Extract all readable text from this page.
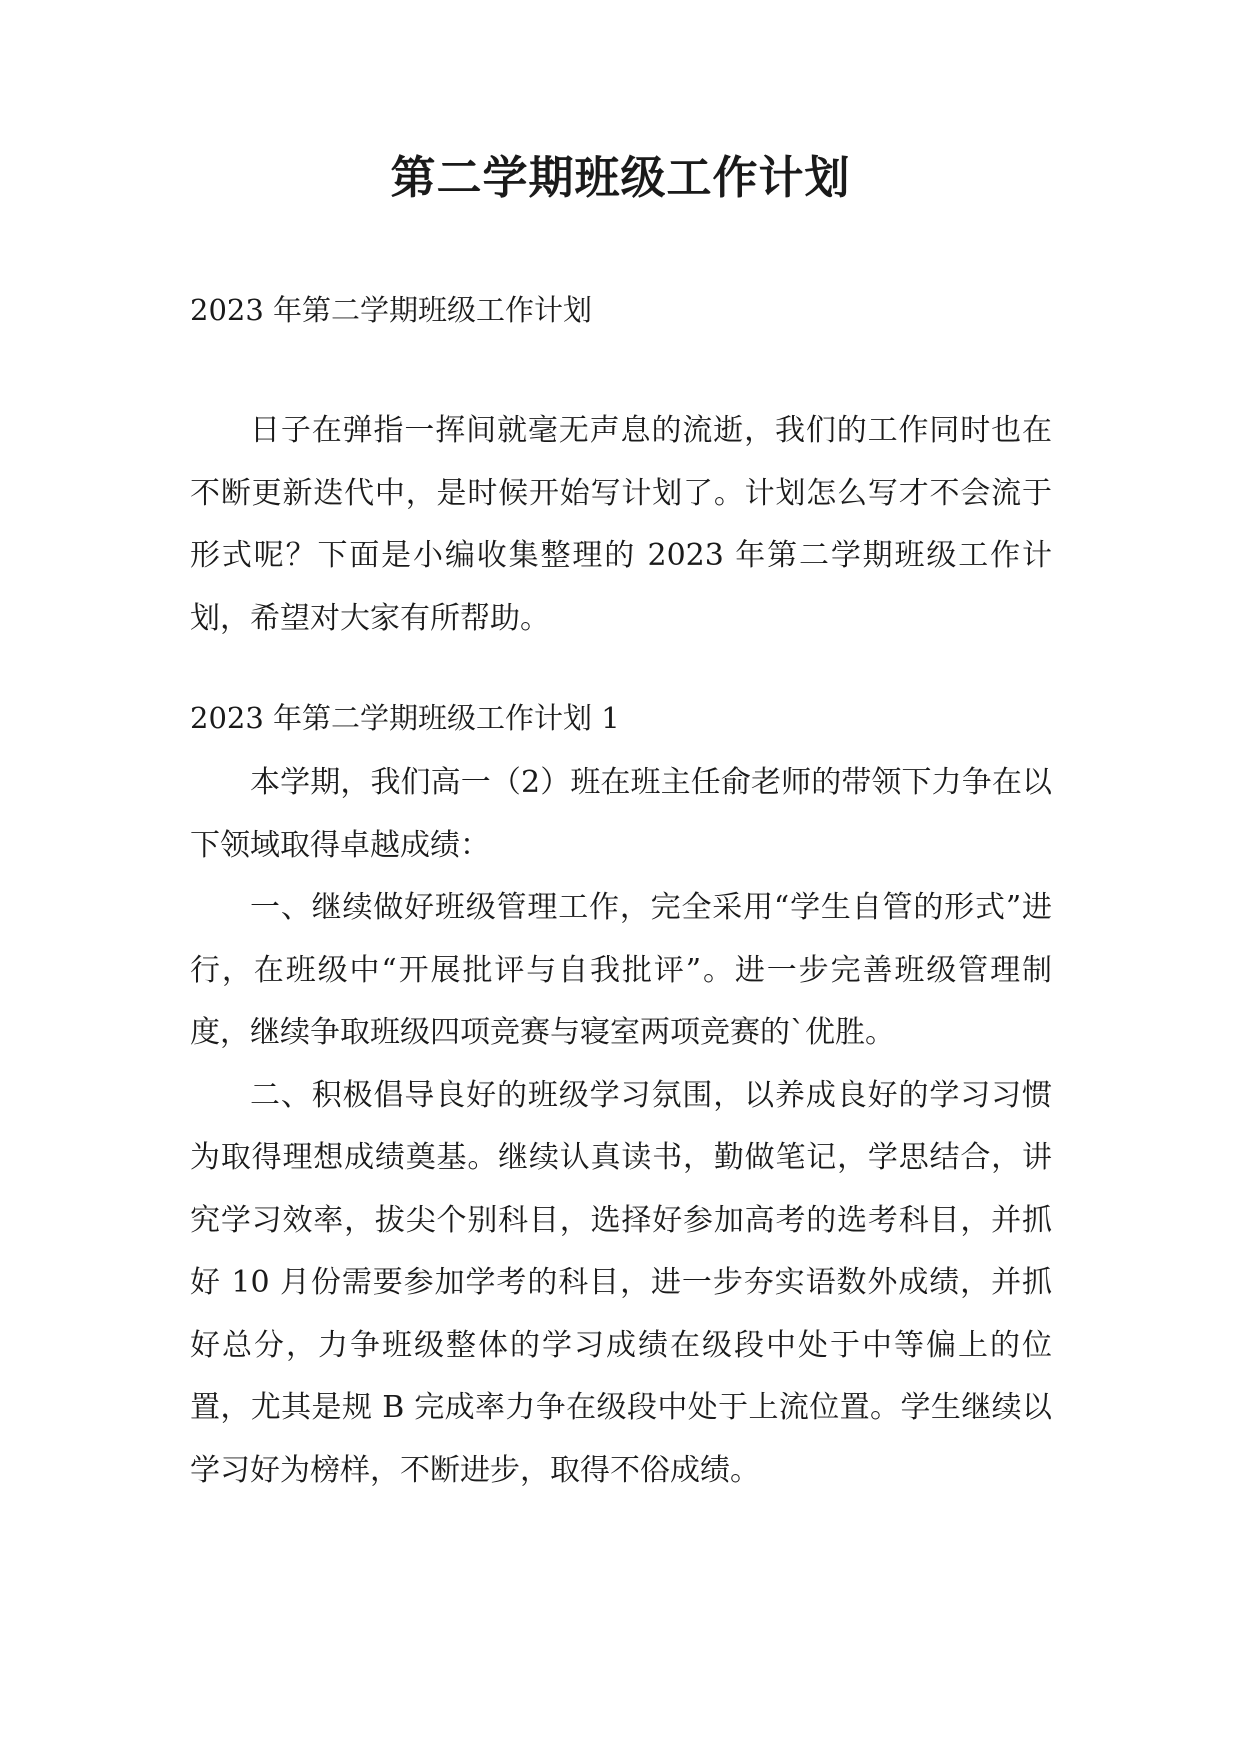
第二学期班级工作计划
2023 年第二学期班级工作计划

日子在弹指一挥间就毫无声息的流逝，我们的工作同时也在不断更新迭代中，是时候开始写计划了。计划怎么写才不会流于形式呢？下面是小编收集整理的 2023 年第二学期班级工作计划，希望对大家有所帮助。

2023 年第二学期班级工作计划 1

本学期，我们高一（2）班在班主任俞老师的带领下力争在以下领域取得卓越成绩：

一、继续做好班级管理工作，完全采用“学生自管的形式”进行，在班级中“开展批评与自我批评”。进一步完善班级管理制度，继续争取班级四项竞赛与寝室两项竞赛的`优胜。

二、积极倡导良好的班级学习氛围，以养成良好的学习习惯为取得理想成绩奠基。继续认真读书，勤做笔记，学思结合，讲究学习效率，拔尖个别科目，选择好参加高考的选考科目，并抓好 10 月份需要参加学考的科目，进一步夯实语数外成绩，并抓好总分，力争班级整体的学习成绩在级段中处于中等偏上的位置，尤其是规 B 完成率力争在级段中处于上流位置。学生继续以学习好为榜样，不断进步，取得不俗成绩。
